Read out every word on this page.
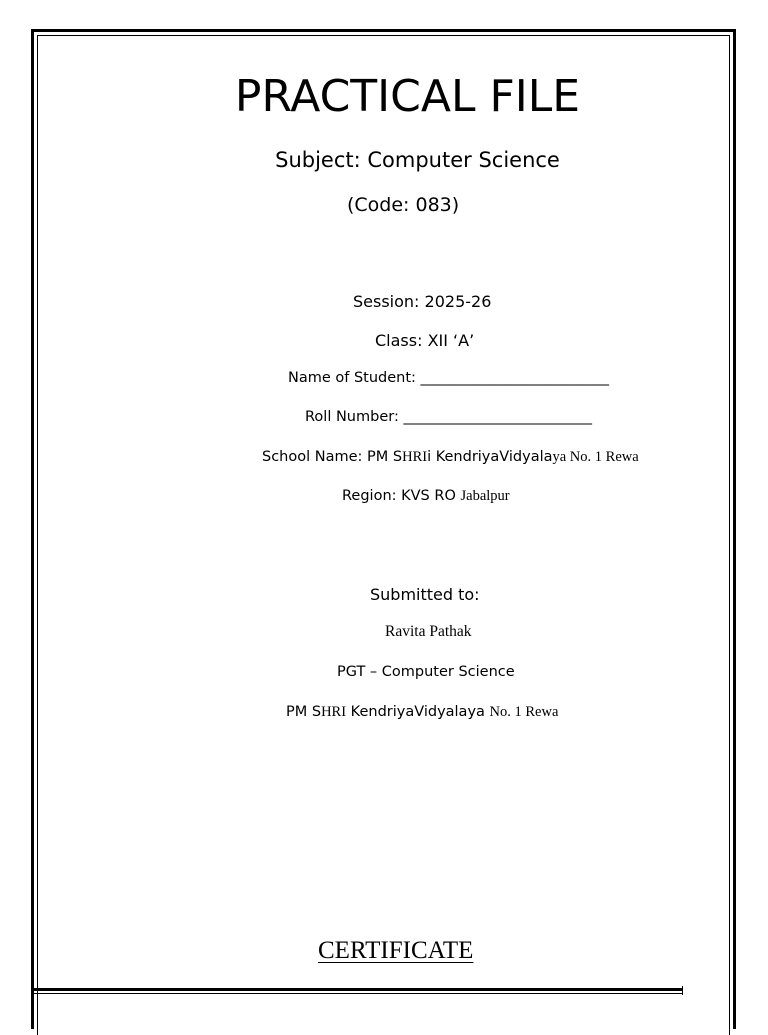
PRACTICAL FILE
Subject: Computer Science
(Code: 083)
Session: 2025-26
Class: XII ‘A’
Name of Student: __________________________
Roll Number: __________________________
School Name: PM SHRIi KendriyaVidyalaya No. 1 Rewa
Region: KVS RO Jabalpur
Submitted to:
Ravita Pathak
PGT – Computer Science
PM SHRI KendriyaVidyalaya No. 1 Rewa
CERTIFICATE
